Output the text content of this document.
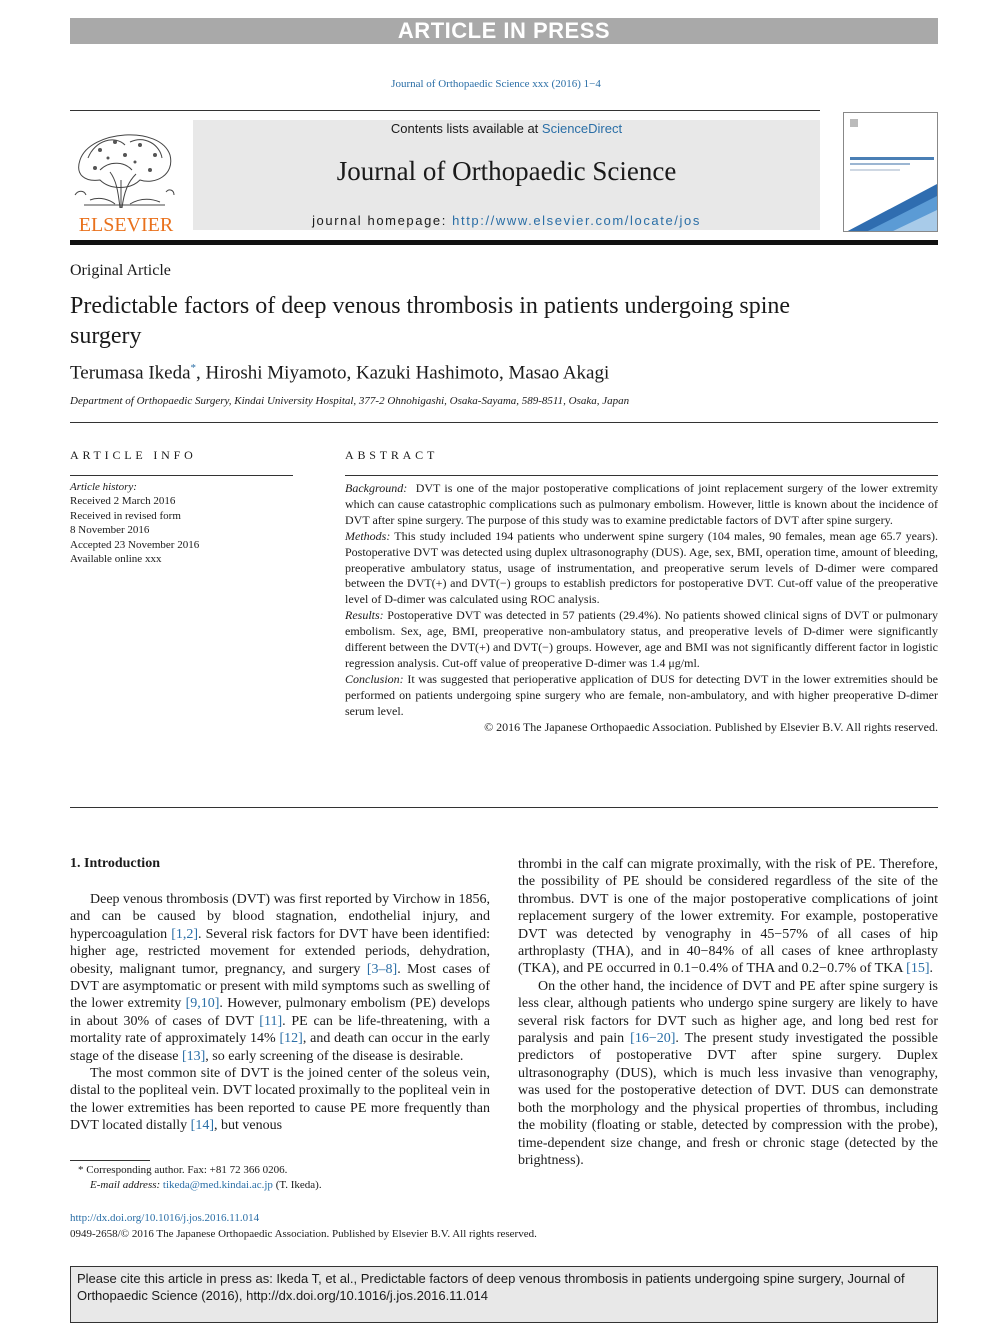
ARTICLE IN PRESS
Journal of Orthopaedic Science xxx (2016) 1−4
ELSEVIER
Contents lists available at ScienceDirect
Journal of Orthopaedic Science
journal homepage: http://www.elsevier.com/locate/jos
Original Article
Predictable factors of deep venous thrombosis in patients undergoing spine surgery
Terumasa Ikeda*, Hiroshi Miyamoto, Kazuki Hashimoto, Masao Akagi
Department of Orthopaedic Surgery, Kindai University Hospital, 377-2 Ohnohigashi, Osaka-Sayama, 589-8511, Osaka, Japan
ARTICLE INFO
Article history:
Received 2 March 2016
Received in revised form
8 November 2016
Accepted 23 November 2016
Available online xxx
ABSTRACT

Background: DVT is one of the major postoperative complications of joint replacement surgery of the lower extremity which can cause catastrophic complications such as pulmonary embolism. However, little is known about the incidence of DVT after spine surgery. The purpose of this study was to examine predictable factors of DVT after spine surgery.

Methods: This study included 194 patients who underwent spine surgery (104 males, 90 females, mean age 65.7 years). Postoperative DVT was detected using duplex ultrasonography (DUS). Age, sex, BMI, operation time, amount of bleeding, preoperative ambulatory status, usage of instrumentation, and preoperative serum levels of D-dimer were compared between the DVT(+) and DVT(−) groups to establish predictors for postoperative DVT. Cut-off value of the preoperative level of D-dimer was calculated using ROC analysis.

Results: Postoperative DVT was detected in 57 patients (29.4%). No patients showed clinical signs of DVT or pulmonary embolism. Sex, age, BMI, preoperative non-ambulatory status, and preoperative levels of D-dimer were significantly different between the DVT(+) and DVT(−) groups. However, age and BMI was not significantly different factor in logistic regression analysis. Cut-off value of preoperative D-dimer was 1.4 μg/ml.

Conclusion: It was suggested that perioperative application of DUS for detecting DVT in the lower extremities should be performed on patients undergoing spine surgery who are female, non-ambulatory, and with higher preoperative D-dimer serum level.

© 2016 The Japanese Orthopaedic Association. Published by Elsevier B.V. All rights reserved.

1. Introduction

Deep venous thrombosis (DVT) was first reported by Virchow in 1856, and can be caused by blood stagnation, endothelial injury, and hypercoagulation [1,2]. Several risk factors for DVT have been identified: higher age, restricted movement for extended periods, dehydration, obesity, malignant tumor, pregnancy, and surgery [3–8]. Most cases of DVT are asymptomatic or present with mild symptoms such as swelling of the lower extremity [9,10]. However, pulmonary embolism (PE) develops in about 30% of cases of DVT [11]. PE can be life-threatening, with a mortality rate of approximately 14% [12], and death can occur in the early stage of the disease [13], so early screening of the disease is desirable.

The most common site of DVT is the joined center of the soleus vein, distal to the popliteal vein. DVT located proximally to the popliteal vein in the lower extremities has been reported to cause PE more frequently than DVT located distally [14], but venous

thrombi in the calf can migrate proximally, with the risk of PE. Therefore, the possibility of PE should be considered regardless of the site of the thrombus. DVT is one of the major postoperative complications of joint replacement surgery of the lower extremity. For example, postoperative DVT was detected by venography in 45−57% of all cases of hip arthroplasty (THA), and in 40−84% of all cases of knee arthroplasty (TKA), and PE occurred in 0.1−0.4% of THA and 0.2−0.7% of TKA [15].

On the other hand, the incidence of DVT and PE after spine surgery is less clear, although patients who undergo spine surgery are likely to have several risk factors for DVT such as higher age, and long bed rest for paralysis and pain [16−20]. The present study investigated the possible predictors of postoperative DVT after spine surgery. Duplex ultrasonography (DUS), which is much less invasive than venography, was used for the postoperative detection of DVT. DUS can demonstrate both the morphology and the physical properties of thrombus, including the mobility (floating or stable, detected by compression with the probe), time-dependent size change, and fresh or chronic stage (detected by the brightness).

* Corresponding author. Fax: +81 72 366 0206.
E-mail address: tikeda@med.kindai.ac.jp (T. Ikeda).
http://dx.doi.org/10.1016/j.jos.2016.11.014
0949-2658/© 2016 The Japanese Orthopaedic Association. Published by Elsevier B.V. All rights reserved.
Please cite this article in press as: Ikeda T, et al., Predictable factors of deep venous thrombosis in patients undergoing spine surgery, Journal of Orthopaedic Science (2016), http://dx.doi.org/10.1016/j.jos.2016.11.014
